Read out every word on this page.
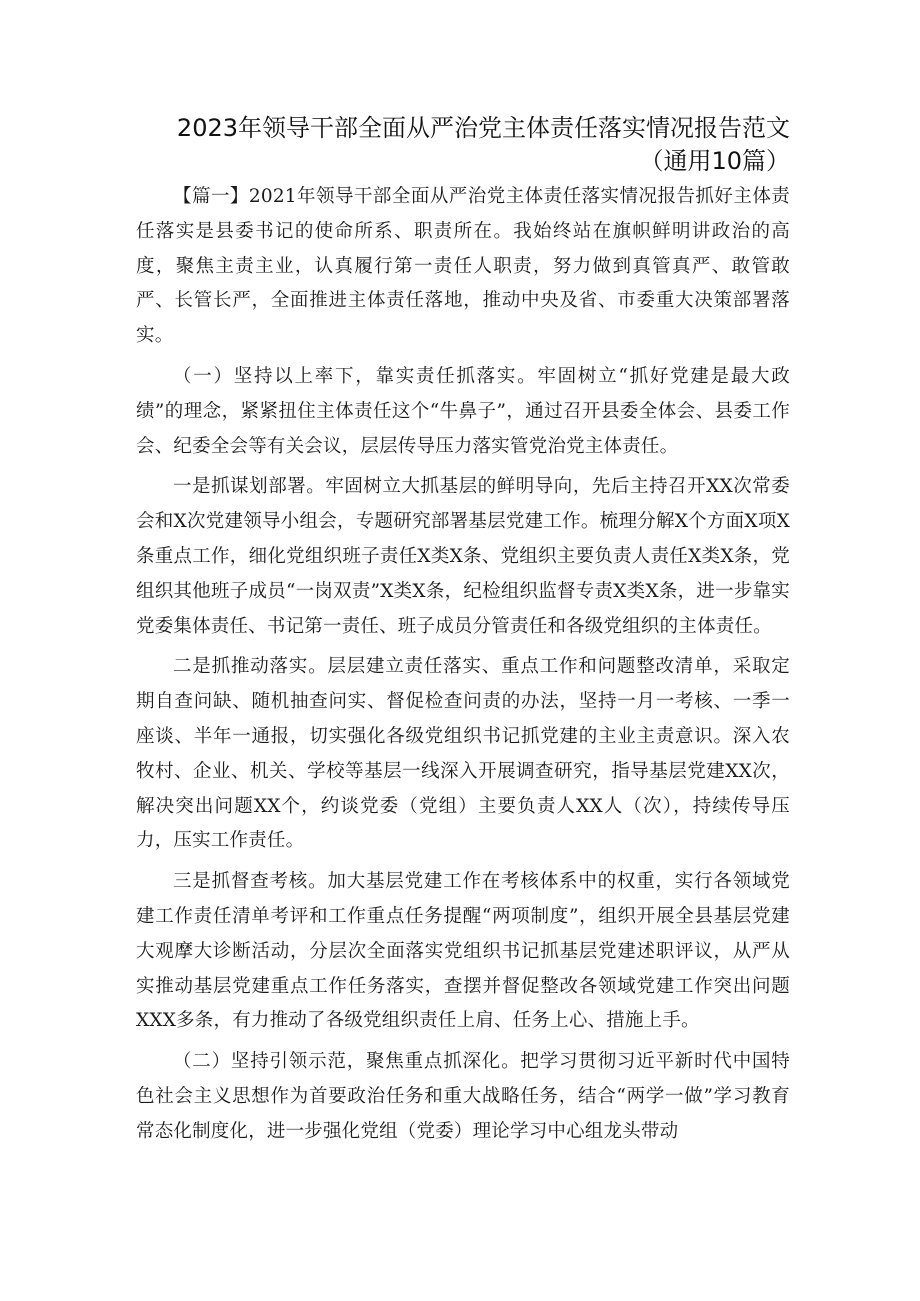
2023年领导干部全面从严治党主体责任落实情况报告范文
（通用10篇）

【篇一】2021年领导干部全面从严治党主体责任落实情况报告抓好主体责任落实是县委书记的使命所系、职责所在。我始终站在旗帜鲜明讲政治的高度，聚焦主责主业，认真履行第一责任人职责，努力做到真管真严、敢管敢严、长管长严，全面推进主体责任落地，推动中央及省、市委重大决策部署落实。

（一）坚持以上率下，靠实责任抓落实。牢固树立“抓好党建是最大政绩”的理念，紧紧扭住主体责任这个“牛鼻子”，通过召开县委全体会、县委工作会、纪委全会等有关会议，层层传导压力落实管党治党主体责任。

一是抓谋划部署。牢固树立大抓基层的鲜明导向，先后主持召开XX次常委会和X次党建领导小组会，专题研究部署基层党建工作。梳理分解X个方面X项X条重点工作，细化党组织班子责任X类X条、党组织主要负责人责任X类X条，党组织其他班子成员“一岗双责”X类X条，纪检组织监督专责X类X条，进一步靠实党委集体责任、书记第一责任、班子成员分管责任和各级党组织的主体责任。

二是抓推动落实。层层建立责任落实、重点工作和问题整改清单，采取定期自查问缺、随机抽查问实、督促检查问责的办法，坚持一月一考核、一季一座谈、半年一通报，切实强化各级党组织书记抓党建的主业主责意识。深入农牧村、企业、机关、学校等基层一线深入开展调查研究，指导基层党建XX次，解决突出问题XX个，约谈党委（党组）主要负责人XX人（次），持续传导压力，压实工作责任。

三是抓督查考核。加大基层党建工作在考核体系中的权重，实行各领域党建工作责任清单考评和工作重点任务提醒“两项制度”，组织开展全县基层党建大观摩大诊断活动，分层次全面落实党组织书记抓基层党建述职评议，从严从实推动基层党建重点工作任务落实，查摆并督促整改各领域党建工作突出问题XXX多条，有力推动了各级党组织责任上肩、任务上心、措施上手。

（二）坚持引领示范，聚焦重点抓深化。把学习贯彻习近平新时代中国特色社会主义思想作为首要政治任务和重大战略任务，结合“两学一做”学习教育常态化制度化，进一步强化党组（党委）理论学习中心组龙头带动
